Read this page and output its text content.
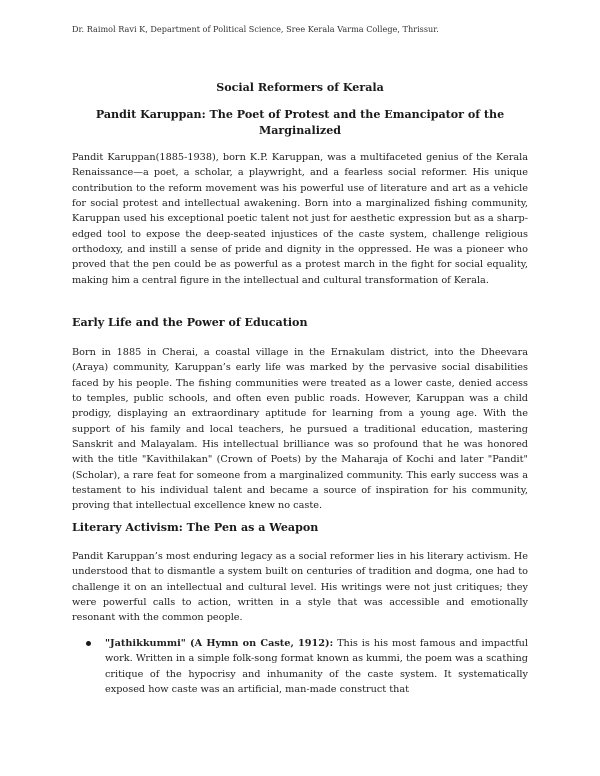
Dr. Raimol Ravi K, Department of Political Science, Sree Kerala Varma College, Thrissur.
Social Reformers of Kerala
Pandit Karuppan: The Poet of Protest and the Emancipator of the Marginalized

Pandit Karuppan(1885-1938), born K.P. Karuppan, was a multifaceted genius of the Kerala Renaissance—a poet, a scholar, a playwright, and a fearless social reformer. His unique contribution to the reform movement was his powerful use of literature and art as a vehicle for social protest and intellectual awakening. Born into a marginalized fishing community, Karuppan used his exceptional poetic talent not just for aesthetic expression but as a sharp-edged tool to expose the deep-seated injustices of the caste system, challenge religious orthodoxy, and instill a sense of pride and dignity in the oppressed. He was a pioneer who proved that the pen could be as powerful as a protest march in the fight for social equality, making him a central figure in the intellectual and cultural transformation of Kerala.

Early Life and the Power of Education

Born in 1885 in Cherai, a coastal village in the Ernakulam district, into the Dheevara (Araya) community, Karuppan’s early life was marked by the pervasive social disabilities faced by his people. The fishing communities were treated as a lower caste, denied access to temples, public schools, and often even public roads. However, Karuppan was a child prodigy, displaying an extraordinary aptitude for learning from a young age. With the support of his family and local teachers, he pursued a traditional education, mastering Sanskrit and Malayalam. His intellectual brilliance was so profound that he was honored with the title "Kavithilakan" (Crown of Poets) by the Maharaja of Kochi and later "Pandit" (Scholar), a rare feat for someone from a marginalized community. This early success was a testament to his individual talent and became a source of inspiration for his community, proving that intellectual excellence knew no caste.

Literary Activism: The Pen as a Weapon

Pandit Karuppan’s most enduring legacy as a social reformer lies in his literary activism. He understood that to dismantle a system built on centuries of tradition and dogma, one had to challenge it on an intellectual and cultural level. His writings were not just critiques; they were powerful calls to action, written in a style that was accessible and emotionally resonant with the common people.

"Jathikkummi" (A Hymn on Caste, 1912): This is his most famous and impactful work. Written in a simple folk-song format known as kummi, the poem was a scathing critique of the hypocrisy and inhumanity of the caste system. It systematically exposed how caste was an artificial, man-made construct that
